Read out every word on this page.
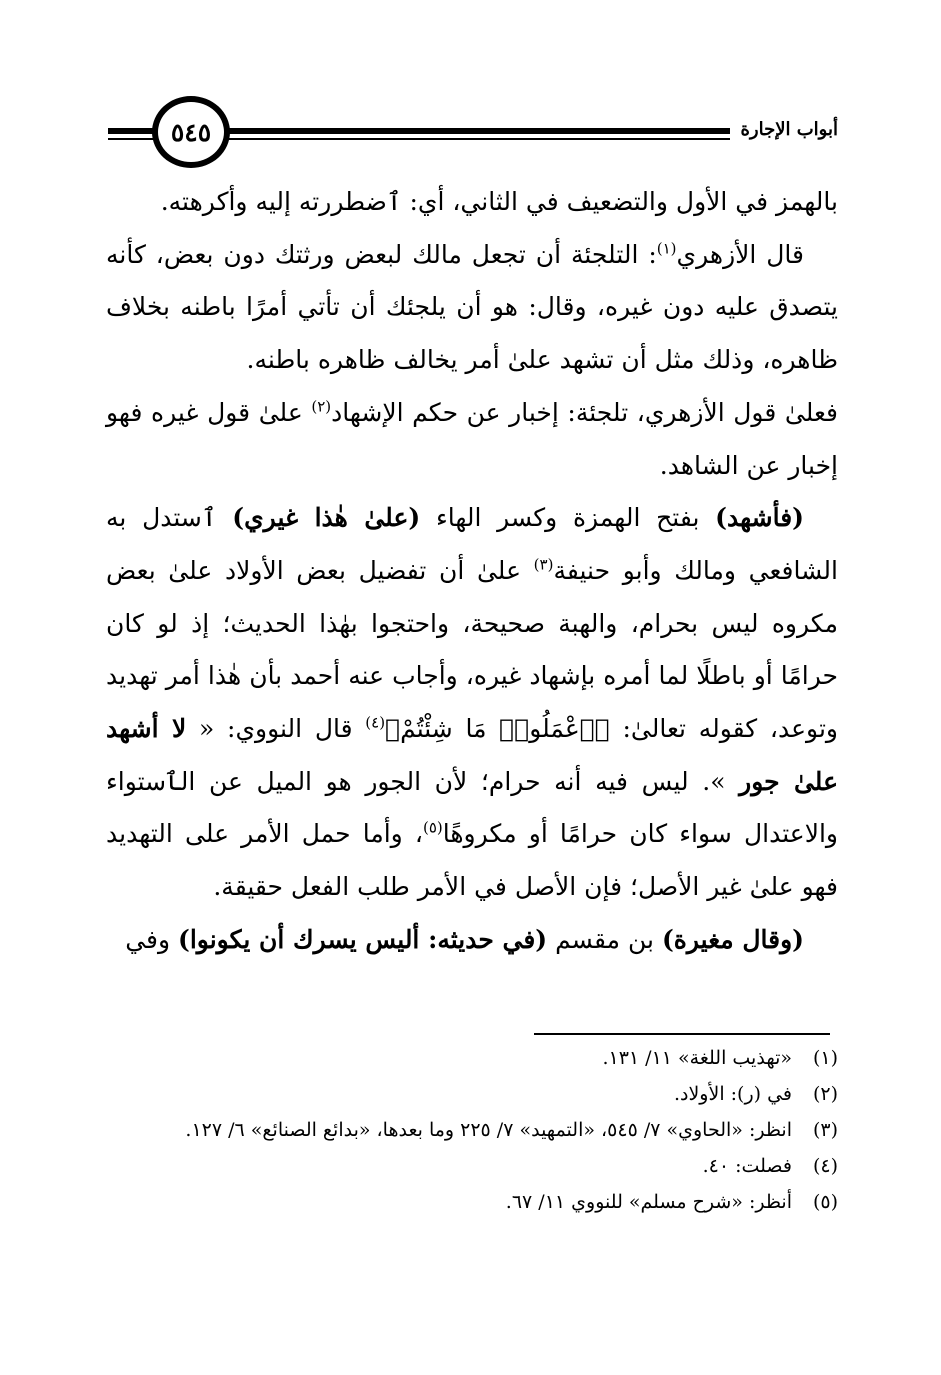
أبواب الإجارة
٥٤٥

بالهمز في الأول والتضعيف في الثاني، أي: ٱضطررته إليه وأكرهته.

قال الأزهري$^{(١)}$: التلجئة أن تجعل مالك لبعض ورثتك دون بعض، كأنه يتصدق عليه دون غيره، وقال: هو أن يلجئك أن تأتي أمرًا باطنه بخلاف ظاهره، وذلك مثل أن تشهد علىٰ أمر يخالف ظاهره باطنه.

فعلىٰ قول الأزهري، تلجئة: إخبار عن حكم الإشهاد$^{(٢)}$ علىٰ قول غيره فهو إخبار عن الشاهد.

(فأشهد) بفتح الهمزة وكسر الهاء (علىٰ هٰذا غيري) ٱستدل به الشافعي ومالك وأبو حنيفة$^{(٣)}$ علىٰ أن تفضيل بعض الأولاد علىٰ بعض مكروه ليس بحرام، والهبة صحيحة، واحتجوا بهٰذا الحديث؛ إذ لو كان حرامًا أو باطلًا لما أمره بإشهاد غيره، وأجاب عنه أحمد بأن هٰذا أمر تهديد وتوعد، كقوله تعالىٰ: ﴿ٱعْمَلُوا۟ مَا شِئْتُمْ﴾$^{(٤)}$ قال النووي: « لا أشهد علىٰ جور ». ليس فيه أنه حرام؛ لأن الجور هو الميل عن الٱستواء والاعتدال سواء كان حرامًا أو مكروهًا$^{(٥)}$، وأما حمل الأمر على التهديد فهو علىٰ غير الأصل؛ فإن الأصل في الأمر طلب الفعل حقيقة.

(وقال مغيرة) بن مقسم (في حديثه: أليس يسرك أن يكونوا) وفي

(١)
«تهذيب اللغة» ١١/ ١٣١.
(٢)
في (ر): الأولاد.
(٣)
انظر: «الحاوي» ٧/ ٥٤٥، «التمهيد» ٧/ ٢٢٥ وما بعدها، «بدائع الصنائع» ٦/ ١٢٧.
(٤)
فصلت: ٤٠.
(٥)
أنظر: «شرح مسلم» للنووي ١١/ ٦٧.
